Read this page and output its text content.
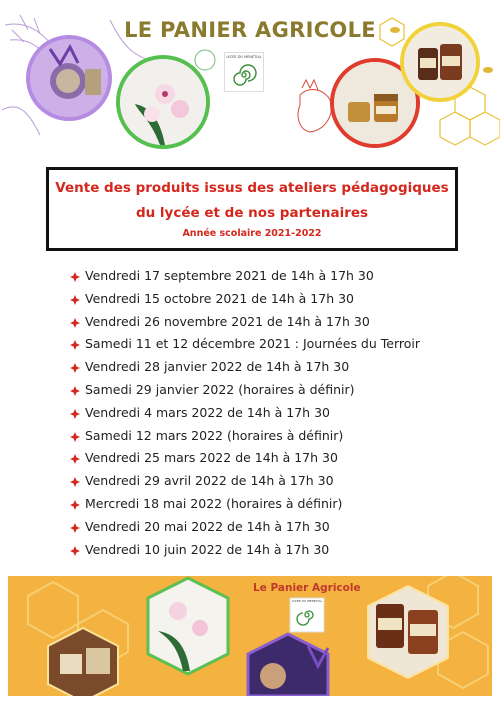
LE PANIER AGRICOLE
LYCÉE DU MÉNÉTIAL
Vente des produits issus des ateliers pédagogiques
du lycée et de nos partenaires
Année scolaire 2021-2022
Vendredi 17 septembre 2021 de 14h à 17h 30
Vendredi 15 octobre 2021 de 14h à 17h 30
Vendredi 26 novembre 2021 de 14h à 17h 30
Samedi 11 et 12 décembre 2021 : Journées du Terroir
Vendredi 28 janvier 2022 de 14h à 17h 30
Samedi 29 janvier 2022 (horaires à définir)
Vendredi 4 mars 2022 de 14h à 17h 30
Samedi 12 mars 2022 (horaires à définir)
Vendredi 25 mars 2022 de 14h à 17h 30
Vendredi 29 avril 2022 de 14h à 17h 30
Mercredi 18 mai 2022 (horaires à définir)
Vendredi 20 mai 2022 de 14h à 17h 30
Vendredi 10 juin 2022 de 14h à 17h 30
Le Panier Agricole
LYCÉE DU MÉNÉTIAL
